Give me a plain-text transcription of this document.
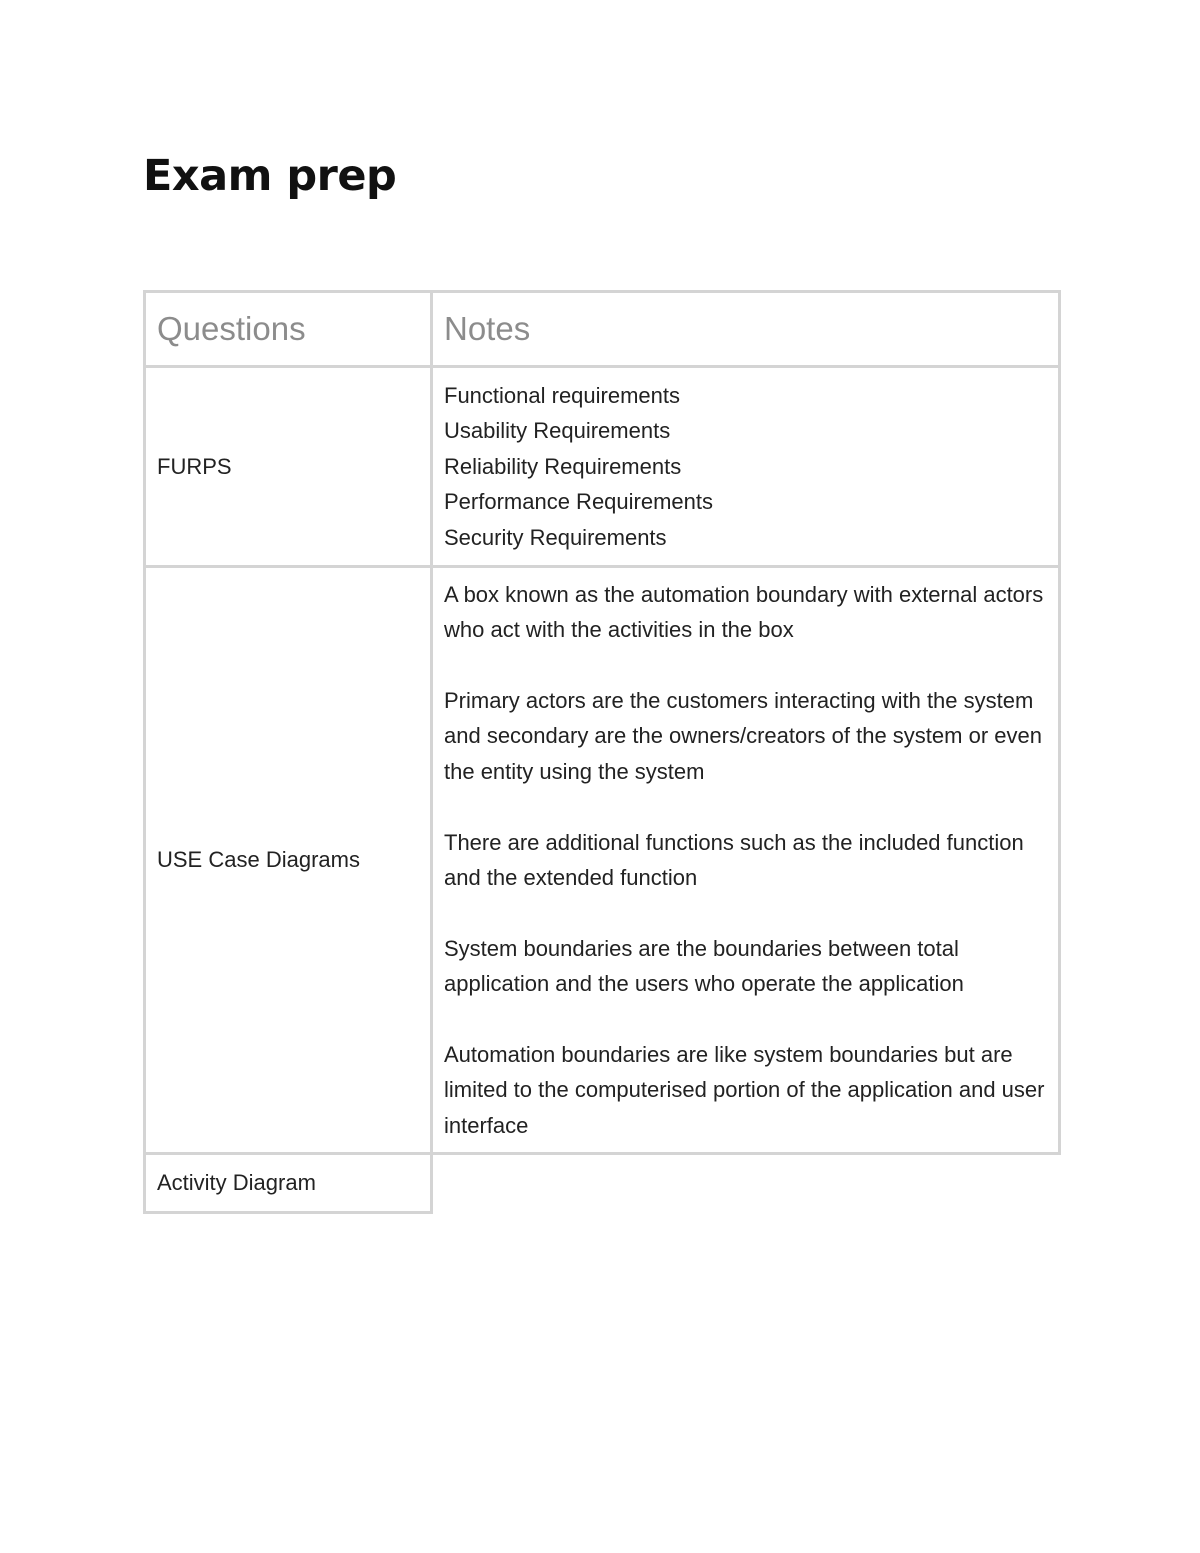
Exam prep
Questions	Notes
FURPS	Functional requirements
Usability Requirements
Reliability Requirements
Performance Requirements
Security Requirements

USE Case Diagrams	A box known as the automation boundary with external actors who act with the activities in the box
Primary actors are the customers interacting with the system and secondary are the owners/creators of the system or even the entity using the system
There are additional functions such as the included function and the extended function
System boundaries are the boundaries between total application and the users who operate the application
Automation boundaries are like system boundaries but are limited to the computerised portion of the application and user interface

Activity Diagram	
